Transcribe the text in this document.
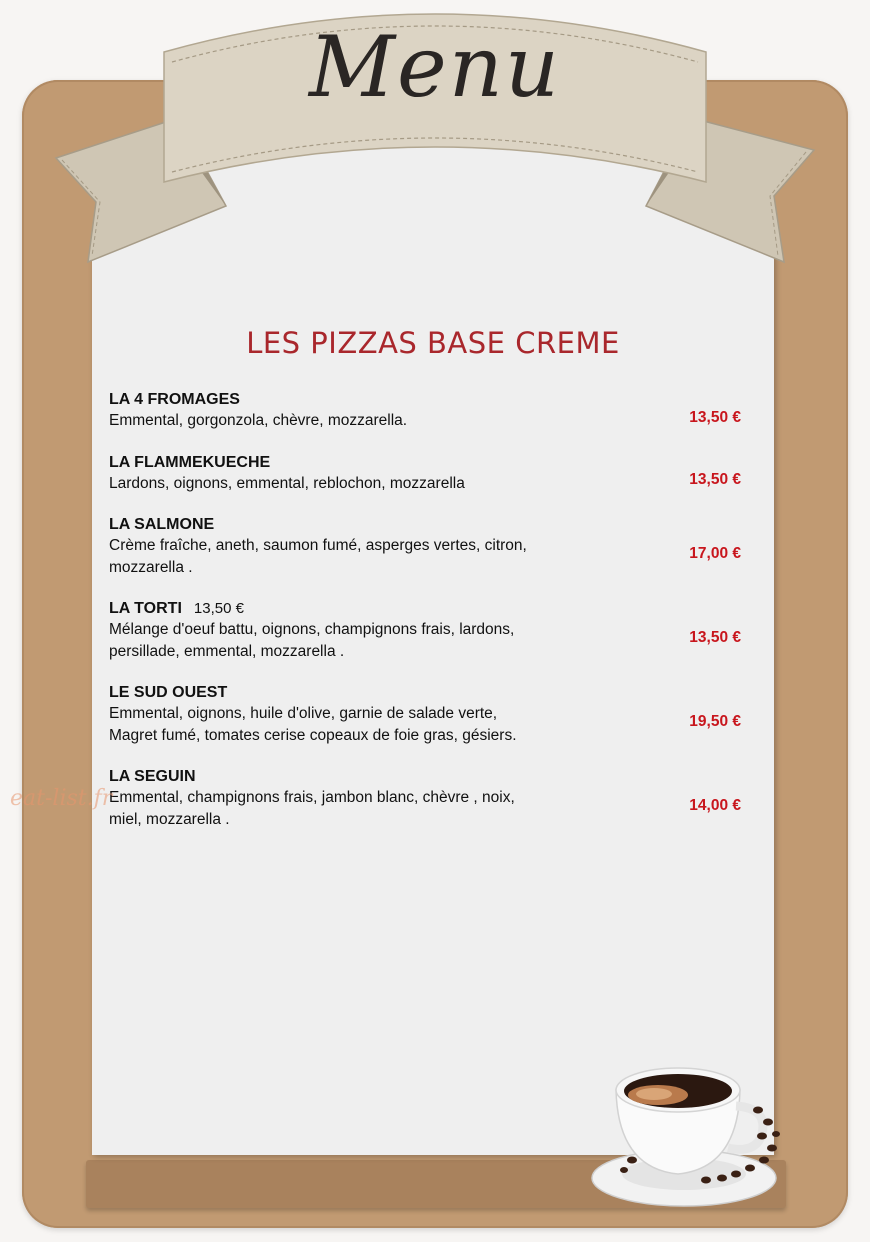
Menu
LES PIZZAS BASE CREME
LA 4 FROMAGES
Emmental, gorgonzola, chèvre, mozzarella.	13,50 €
LA FLAMMEKUECHE
Lardons, oignons, emmental, reblochon, mozzarella	13,50 €
LA SALMONE
Crème fraîche, aneth, saumon fumé, asperges vertes, citron,
mozzarella .
17,00 €
LA TORTI 13,50 €
Mélange d'oeuf battu, oignons, champignons frais, lardons,
persillade, emmental, mozzarella .
13,50 €
LE SUD OUEST
Emmental, oignons, huile d'olive, garnie de salade verte,
Magret fumé, tomates cerise copeaux de foie gras, gésiers.
19,50 €
LA SEGUIN
Emmental, champignons frais, jambon blanc, chèvre , noix,
miel, mozzarella .
14,00 €
eat-list.fr
